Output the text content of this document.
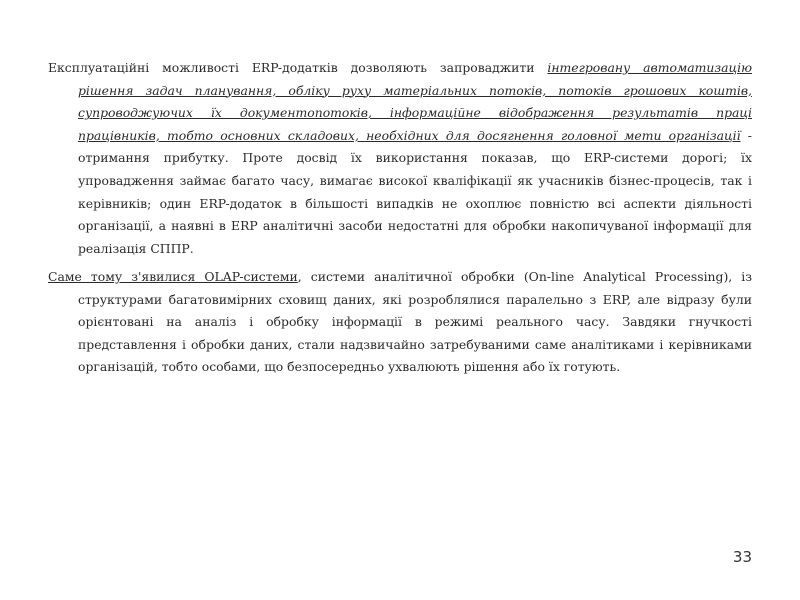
Експлуатаційні можливості ERP-додатків дозволяють запроваджити інтегровану автоматизацію рішення задач планування, обліку руху матеріальних потоків, потоків грошових коштів, супроводжуючих їх документопотоків, інформаційне відображення результатів праці працівників, тобто основних складових, необхідних для досягнення головної мети організації - отримання прибутку. Проте досвід їх використання показав, що ERP-системи дорогі; їх упровадження займає багато часу, вимагає високої кваліфікації як учасників бізнес-процесів, так і керівників; один ERP-додаток в більшості випадків не охоплює повністю всі аспекти діяльності організації, а наявні в ERP аналітичні засоби недостатні для обробки накопичуваної інформації для реалізація СППР.

Саме тому з'явилися OLAP-системи, системи аналітичної обробки (On-line Analytical Processing), із структурами багатовимірних сховищ даних, які розроблялися паралельно з ERP, але відразу були орієнтовані на аналіз і обробку інформації в режимі реального часу. Завдяки гнучкості представлення і обробки даних, стали надзвичайно затребуваними саме аналітиками і керівниками організацій, тобто особами, що безпосередньо ухвалюють рішення або їх готують.

33
